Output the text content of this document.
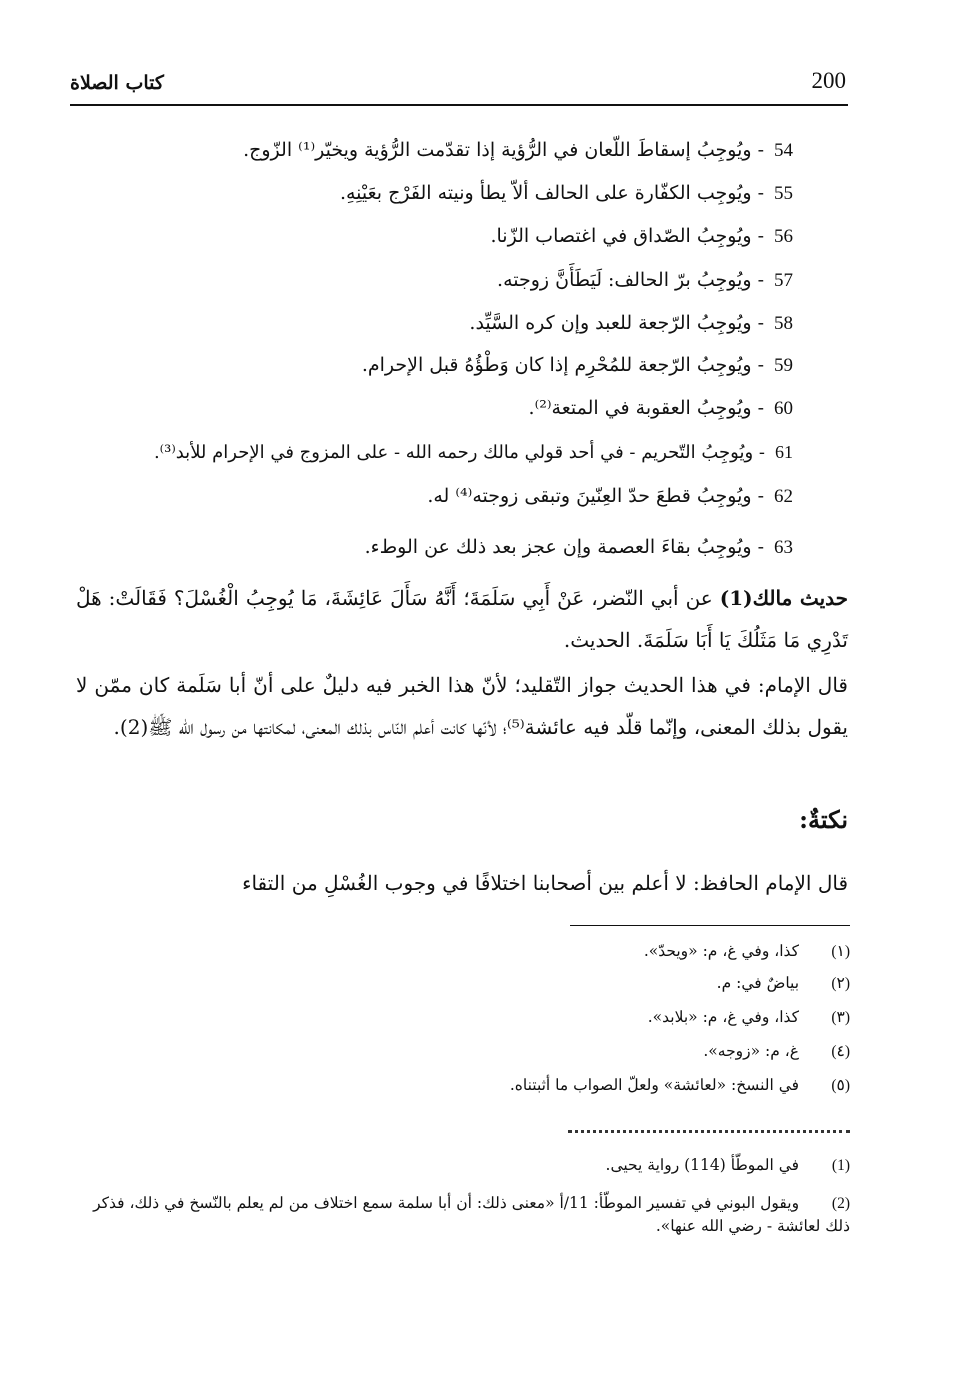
كتاب الصلاة	200
54- ويُوجِبُ إسقاطَ اللّعان في الرُّؤية إذا تقدّمت الرُّؤية ويخيّر⁽¹⁾ الزّوج.
55- ويُوجِب الكفّارة على الحالف ألاّ يطأ ونيته الفَرْج بعَيْنِهِ.
56- ويُوجِبُ الصّداق في اغتصاب الزّنا.
57- ويُوجِبُ برّ الحالف: لَيَطَأَنَّ زوجته.
58- ويُوجِبُ الرّجعة للعبد وإن كره السَّيِّد.
59- ويُوجِبُ الرّجعة للمُحْرِم إذا كان وَطْؤُهُ قبل الإحرام.
60- ويُوجِبُ العقوبة في المتعة⁽²⁾.
61- ويُوجِبُ التّحريم - في أحد قولي مالك رحمه الله - على المزوج في الإحرام للأبد⁽³⁾.
62- ويُوجِبُ قطعَ حدّ العِنّينَ وتبقى زوجته⁽⁴⁾ له.
63- ويُوجِبُ بقاءَ العصمة وإن عجز بعد ذلك عن الوطء.
حديث مالك(1) عن أبي النّضر، عَنْ أَبِي سَلَمَةَ؛ أَنَّهُ سَأَلَ عَائِشَةَ، مَا يُوجِبُ الْغُسْلَ؟ فَقَالَتْ: هَلْ تَدْرِي مَا مَثَلُكَ يَا أَبَا سَلَمَةَ. الحديث.
قال الإمام: في هذا الحديث جواز التّقليد؛ لأنّ هذا الخبر فيه دليلٌ على أنّ أبا سَلَمة كان ممّن لا يقول بذلك المعنى، وإنّما قلّد فيه عائشة⁽⁵⁾؛ لأنّها كانت أعلم النّاس بذلك المعنى، لمكانتها من رسول الله ﷺ(2).
نكتةٌ:
قال الإمام الحافظ: لا أعلم بين أصحابنا اختلافًا في وجوب الغُسْلِ من التقاء
(١) كذا، وفي غ، م: «ويحدّ».
(٢) بياضٌ في: م.
(٣) كذا، وفي غ، م: «بلابد».
(٤) غ، م: «زوجه».
(٥) في النسخ: «لعائشة» ولعلّ الصواب ما أثبتناه.
(1) في الموطّأ (114) رواية يحيى.
(2) ويقول البوني في تفسير الموطّأ: 11/أ «معنى ذلك: أن أبا سلمة سمع اختلاف من لم يعلم بالنّسخ في ذلك، فذكر ذلك لعائشة - رضي الله عنها».
